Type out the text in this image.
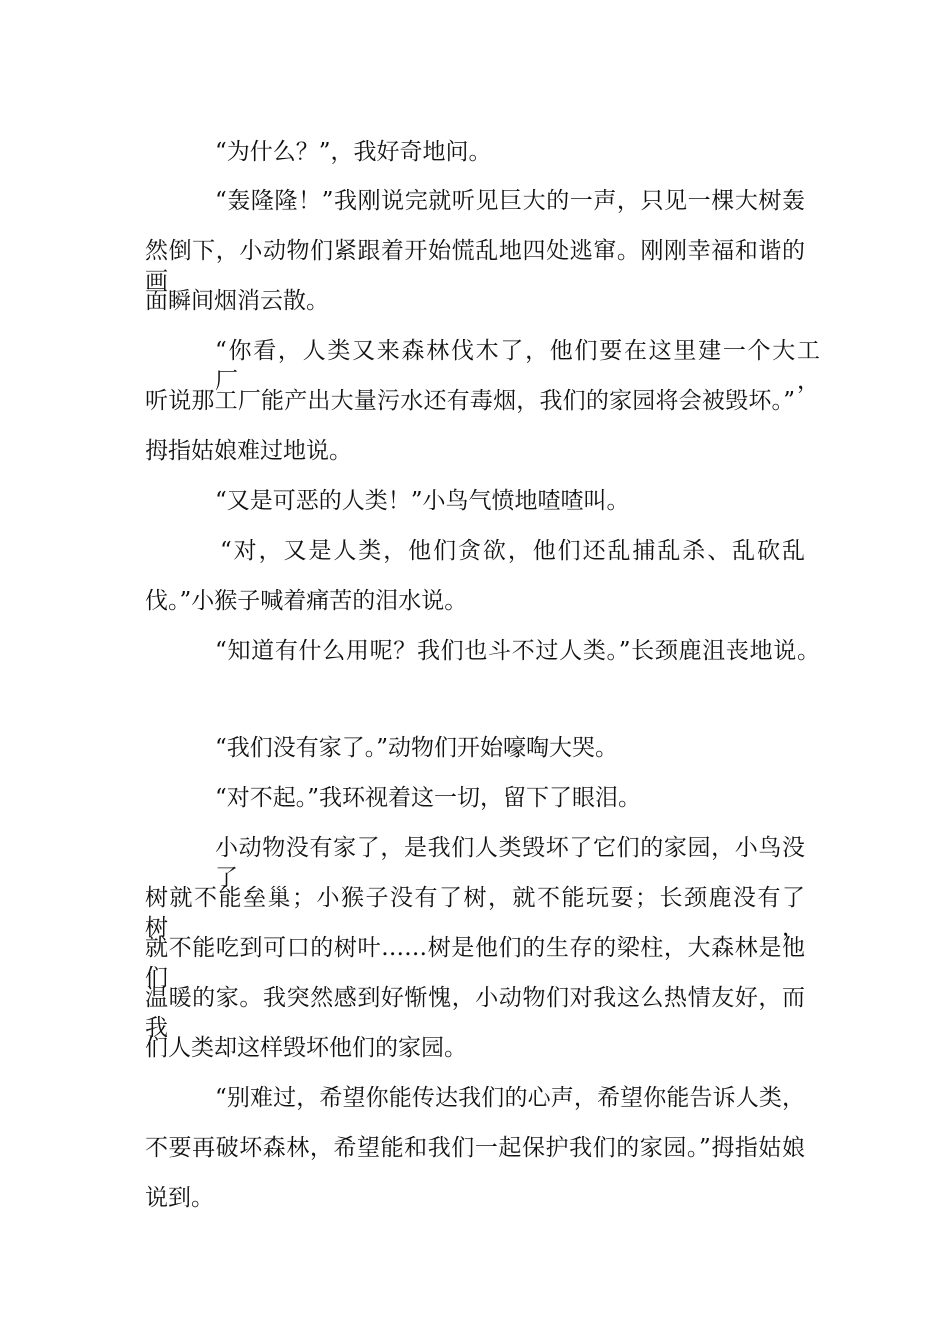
“为什么？”，我好奇地问。
“轰隆隆！”我刚说完就听见巨大的一声，只见一棵大树轰
然倒下，小动物们紧跟着开始慌乱地四处逃窜。刚刚幸福和谐的画
面瞬间烟消云散。
“你看，人类又来森林伐木了，他们要在这里建一个大工厂，
听说那工厂能产出大量污水还有毒烟，我们的家园将会被毁坏。”
拇指姑娘难过地说。
“又是可恶的人类！”小鸟气愤地喳喳叫。
“对，又是人类，他们贪欲，他们还乱捕乱杀、乱砍乱
伐。”小猴子喊着痛苦的泪水说。
“知道有什么用呢？我们也斗不过人类。”长颈鹿沮丧地说。
“我们没有家了。”动物们开始嚎啕大哭。
“对不起。”我环视着这一切，留下了眼泪。
小动物没有家了，是我们人类毁坏了它们的家园，小鸟没了
树就不能垒巢；小猴子没有了树，就不能玩耍；长颈鹿没有了树，
就不能吃到可口的树叶……树是他们的生存的梁柱，大森林是他们
温暖的家。我突然感到好惭愧，小动物们对我这么热情友好，而我
们人类却这样毁坏他们的家园。
“别难过，希望你能传达我们的心声，希望你能告诉人类，
不要再破坏森林，希望能和我们一起保护我们的家园。”拇指姑娘
说到。
